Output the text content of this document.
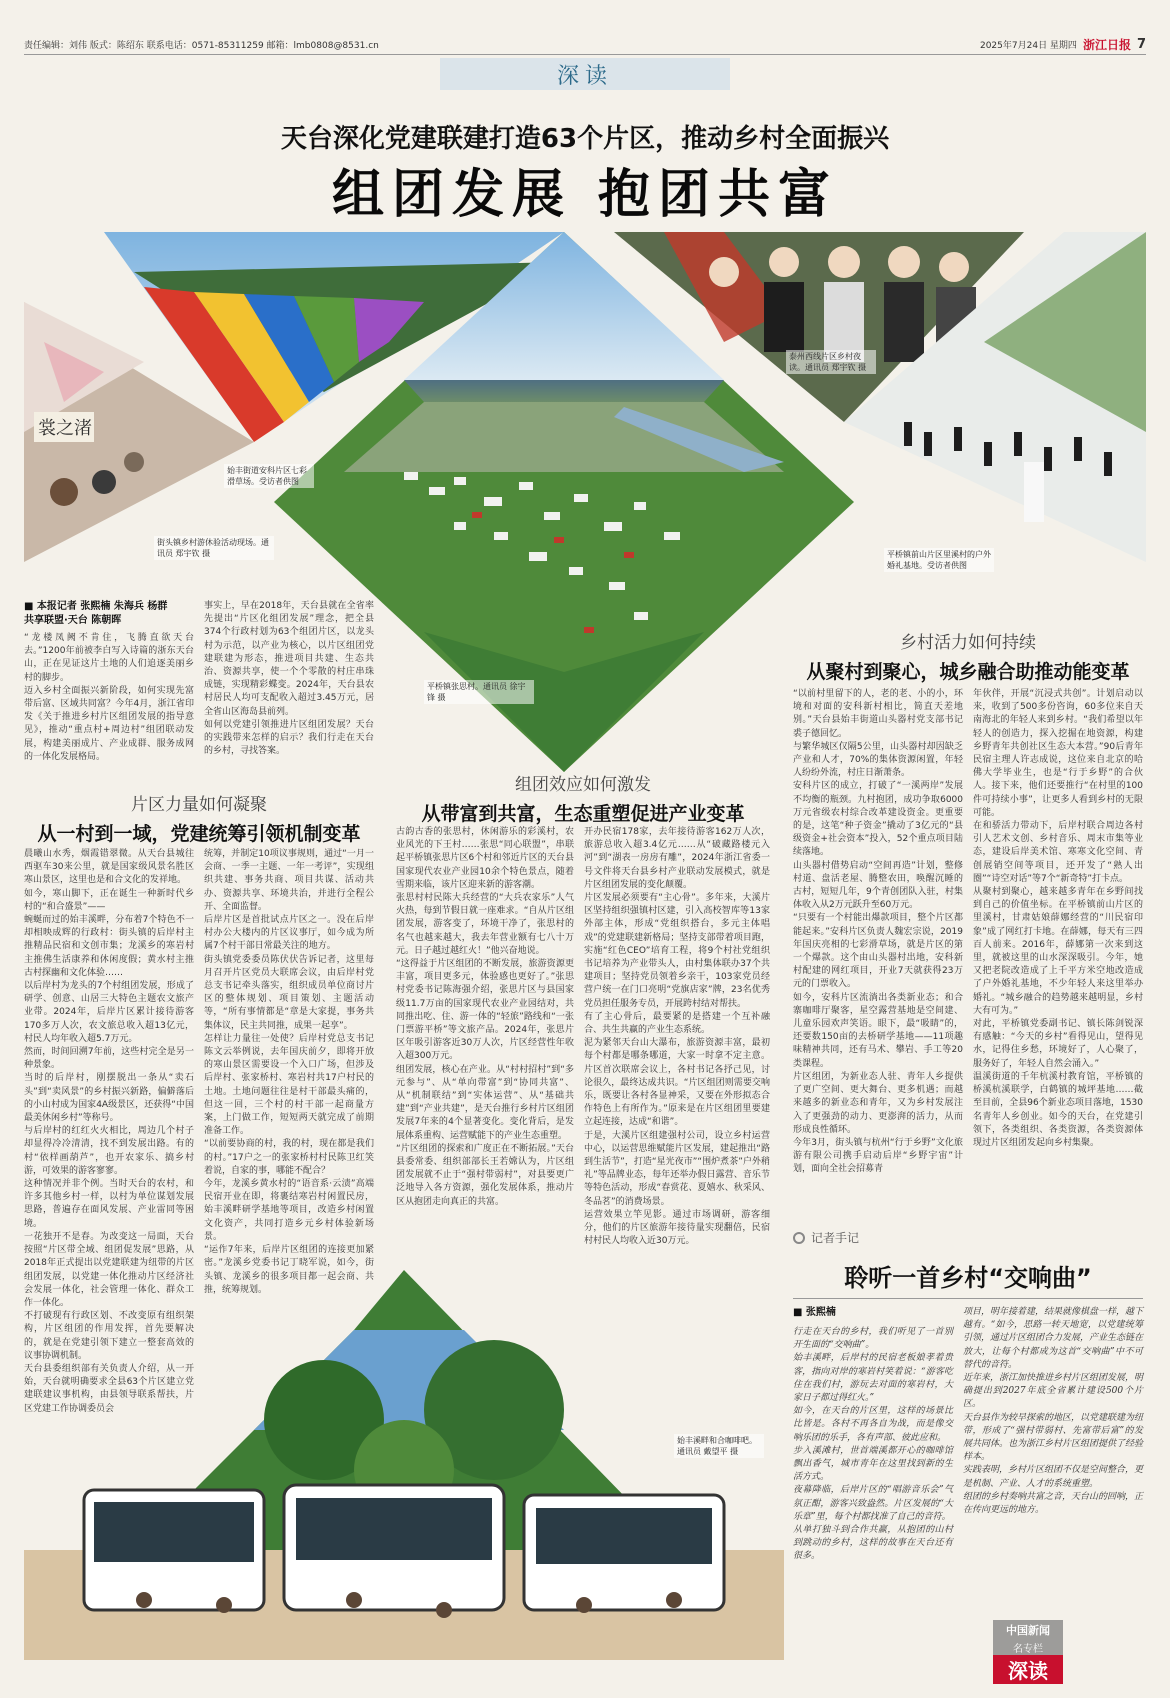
责任编辑：刘伟 版式：陈绍东 联系电话：0571-85311259 邮箱：lmb0808@8531.cn	2025年7月24日 星期四 浙江日报 7
深读
天台深化党建联建打造63个片区，推动乡村全面振兴
组团发展 抱团共富
裳之渚
始丰街道安科片区七彩滑草场。受访者供图
街头镇乡村游休验活动现场。通讯员 郑宇钦 摄
泰州西线片区乡村夜读。通讯员 郑宇钦 摄
平桥镇张思村。通讯员 徐宇锋 摄
平桥镇前山片区里溪村的户外婚礼基地。受访者供图
■ 本报记者 张熙楠 朱海兵 杨群
共享联盟·天台 陈朝晖
“龙楼凤阙不肯住，飞腾直欲天台去。”1200年前被李白写入诗篇的浙东天台山，正在见证这片土地的人们追逐美丽乡村的脚步。
迈入乡村全面振兴新阶段，如何实现先富带后富、区域共同富？今年4月，浙江省印发《关于推进乡村片区组团发展的指导意见》，推动“重点村+周边村”组团联动发展，构建美丽成片、产业成群、服务成网的一体化发展格局。
事实上，早在2018年，天台县就在全省率先提出“片区化组团发展”理念，把全县374个行政村划为63个组团片区，以龙头村为示范，以产业为核心，以片区组团党建联建为形态，推进项目共建、生态共治、资源共享，使一个个零散的村庄串珠成链，实现精彩蝶变。2024年，天台县农村居民人均可支配收入超过3.45万元，居全省山区海岛县前列。
如何以党建引领推进片区组团发展？天台的实践带来怎样的启示？我们行走在天台的乡村，寻找答案。
片区力量如何凝聚
从一村到一域，党建统筹引领机制变革
晨曦山水秀，烟霞错翠微。从天台县城往西驱车30来公里，就是国家级风景名胜区寒山景区，这里也是和合文化的发祥地。
如今，寒山脚下，正在诞生一种新时代乡村的“和合盛景”——
蜿蜒而过的始丰溪畔，分布着7个特色不一却相映成辉的行政村：街头镇的后岸村主推精品民宿和文创市集；龙溪乡的寒岩村主推佛生活康养和休闲度假；黄水村主推古村探幽和文化体验……
以后岸村为龙头的7个村组团发展，形成了研学、创意、山居三大特色主题农文旅产业带。2024年，后岸片区累计接待游客170多万人次，农文旅总收入超13亿元，村民人均年收入超5.7万元。
然而，时间回溯7年前，这些村完全是另一种景象。
当时的后岸村，刚摆脱出一条从“卖石头”到“卖风景”的乡村振兴新路，偏僻落后的小山村成为国家4A级景区，还获得“中国最美休闲乡村”等称号。
与后岸村的红红火火相比，周边几个村子却显得冷冷清清，找不到发展出路。有的村“依样画葫芦”，也开农家乐、搞乡村游，可效果的游客寥寥。
这种情况并非个例。当时天台的农村，和许多其他乡村一样，以村为单位谋划发展思路，普遍存在面风发展、产业雷同等困境。
一花独开不是春。为改变这一局面，天台按照“片区带全域、组团促发展”思路，从2018年正式提出以党建联建为纽带的片区组团发展，以党建一体化推动片区经济社会发展一体化，社会管理一体化、群众工作一体化。
不打破现有行政区划、不改变原有组织架构，片区组团的作用发挥，首先要解决的，就是在党建引领下建立一整套高效的议事协调机制。
天台县委组织部有关负责人介绍，从一开始，天台就明确要求全县63个片区建立党建联建议事机构，由县领导联系帮扶，片区党建工作协调委员会
统筹，并制定10项议事规则，通过“一月一会商、一季一主题、一年一考评”，实现组织共建、事务共商、项目共谋、活动共办、资源共享、环境共治，并进行全程公开、全面监督。
后岸片区是首批试点片区之一。没在后岸村办公大楼内的片区议事厅，如今成为所属7个村干部日常最关注的地方。
街头镇党委委员陈伏伏告诉记者，这里每月召开片区党员大联席会议，由后岸村党总支书记牵头落实，组织成员单位商讨片区的整体规划、项目策划、主题活动等，“所有事情都是“章是大家提，事务共集体议，民主共同推，成果一起享”。
怎样让力量往一处使？后岸村党总支书记陈文云举例说，去年国庆前夕，即将开放的寒山景区需要设一个入口广场，但涉及后岸村、张家桥村、寒岩村共17户村民的土地。土地问题往往是村干部最头痛的，但这一回，三个村的村干部一起商量方案，上门做工作，短短两天就完成了前期准备工作。
“以前要协商的村，我的村，现在都是我们的村。”17户之一的张家桥村村民陈卫红笑着说，自家的事，哪能不配合？
今年，龙溪乡黄水村的“语音系·云渍”高端民宿开业在即，将裹结寒岩村闲置民房，始丰溪畔研学基地等项目，改造乡村闲置文化资产，共同打造乡元乡村体验新场景。
“运作7年来，后岸片区组团的连接更加紧密。”龙溪乡党委书记丁晓军说，如今，街头镇、龙溪乡的很多项目都一起会商、共推，统筹规划。
组团效应如何激发
从带富到共富，生态重塑促进产业变革
古韵古香的张思村，休闲游乐的彩溪村，农业风光的下王村……张思“同心联盟”，串联起平桥镇张思片区6个村和邻近片区的天台县国家现代农业产业园10余个特色景点，随着雪期来临，该片区迎来新的游客潮。
张思村村民陈大兵经营的“大兵农家乐”人气火热，每到节假日就一座难求。“自从片区组团发展，游客变了，环境干净了，张思村的名气也越来越大，我去年营业额有七八十万元。日子越过越红火！”他兴奋地说。
“这得益于片区组团的不断发展，旅游资源更丰富，项目更多元，体验感也更好了。”张思村党委书记陈海强介绍，张思片区与县国家级11.7万亩的国家现代农业产业园结对，共同推出吃、住、游一体的“轻旅”路线和“一张门票游平桥”等文旅产品。2024年，张思片区年吸引游客近30万人次，片区经营性年收入超300万元。
组团发展，核心在产业。从“村村招村”到“多元参与”、从“单向带富”到“协同共富”、从“机制联结”到“实体运营”、从“基础共建”到“产业共建”，是天台推行乡村片区组团发展7年来的4个显著变化。变化背后，是发展体系重构、运营赋能下的产业生态重塑。
“片区组团的探索和广度正在不断拓展。”天台县委常委、组织部部长王若嫦认为，片区组团发展就不止于“强村带弱村”，对县要更广泛地导入各方资源，强化发展体系，推动片区从抱团走向真正的共富。
开办民宿178家，去年接待游客162万人次，旅游总收入超3.4亿元……从“破藏路楼元入河”到“湖表一房房有雕”，2024年浙江省委一号文件将天台县乡村产业联动发展模式，就是片区组团发展的变化颠覆。
片区发展必须要有“主心骨”。多年来，大溪片区坚持组织强镇村区建，引入高校智库等13家外部主体，形成“党组织搭台，多元主体唱戏”的党建联建新格局；坚持支部带着项目跑，实施“红色CEO”培育工程，将9个村社党组织书记培养为产业带头人，由村集体联办37个共建项目；坚持党员领着乡亲干，103家党员经营户统一在门口亮明“党旗店家”牌，23名优秀党员担任服务专员，开展跨村结对帮扶。
有了主心骨后，最要紧的是搭建一个互补融合、共生共赢的产业生态系统。
泥为紧邻天台山大瀑布，旅游资源丰富，最初每个村都是哪条哪道，大家一时拿不定主意。片区首次联席会议上，各村书记各抒己见，讨论很久，最终达成共识。“片区组团则需要交响乐，既要让各村各显神采，又要在外形拟态合作特色上有所作为。”原来是在片区组团里要建立起连接，达成“和谐”。
于是，大溪片区组建强村公司，设立乡村运营中心，以运营思维赋能片区发展，建起推出“路到生活节”，打造“星光夜市”“围炉煮茶”户外稍礼”等品牌业态，每年还举办假日露营、音乐节等特色活动，形成“春赏花、夏嬉水、秋采风、冬品茗”的消费场景。
运营效果立竿见影。通过市场调研，游客细分，他们的片区旅游年接待量实现翻倍，民宿村村民人均收入近30万元。
始丰溪畔和合咖啡吧。通讯员 戴望平 摄
乡村活力如何持续
从聚村到聚心，城乡融合助推动能变革
“以前村里留下的人，老的老、小的小，环境和对面的安科新村相比，简直天差地别。”天台县始丰街道山头器村党支部书记裘子德回忆。
与繁华城区仅隔5公里，山头器村却因缺乏产业和人才，70%的集体资源闲置，年轻人纷纷外流，村庄日渐萧条。
安科片区的成立，打破了“一溪两岸”发展不均衡的瓶颈。九村抱团，成功争取6000万元省级农村综合改革建设资金。更重要的是，这笔“种子资金”撬动了3亿元的“县级资金+社会资本”投入，52个重点项目陆续落地。
山头器村借势启动“空间再造”计划，整修村道、盘活老屋、腾整农田，唤醒沉睡的古村，短短几年，9个青创团队入驻，村集体收入从2万元跃升至60万元。
“只要有一个村能出爆款项目，整个片区都能起来。”安科片区负责人魏宏宗说，2019年国庆亮相的七彩滑草场，就是片区的第一个爆款。这个由山头器村出地，安科新村配建的网红项目，开业7天就获得23万元的门票收入。
如今，安科片区流淌出各类新业态；和合寨咖啡厅聚客，星空露营基地是空间建、儿童乐园欢声笑语。眼下，最“吸睛”的，还要数150亩的去桥研学基地——11项趣味精神共同，还有马术、攀岩、手工等20类课程。
片区组团，为新业态人驻、青年人乡提供了更广空间、更大舞台、更多机遇；而越来越多的新业态和青年，又为乡村发展注入了更强劲的动力、更澎湃的活力，从而形成良性循环。
今年3月，街头镇与杭州“行于乡野”文化旅游有限公司携手启动后岸“乡野宇宙”计划，面向全社会招募青
年伙伴，开展“沉浸式共创”。计划启动以来，收到了500多份咨询，60多位来自天南海北的年轻人来到乡村。“我们希望以年轻人的创造力，探入挖掘在地资源，构建乡野青年共创社区生态大本营。”90后青年民宿主理人许志成说，这位来自北京的哈佛大学毕业生，也是“行于乡野”的合伙人。接下来，他们还要推行“在村里的100件可持续小事”，让更多人看到乡村的无限可能。
在和骄活力带动下，后岸村联合周边各村引人艺术文创、乡村音乐、周末市集等业态，建设后岸美术馆、寒寒文化空间、青创展销空间等项目，还开发了“熟人出圈”“诗空对话”等7个“新奇特”打卡点。
从聚村到聚心，越来越多青年在乡野间找到自己的价值坐标。在平桥镇前山片区的里溪村，甘肃姑娘薛娜经营的“川民宿印象”成了网红打卡地。在薛娜，每天有三四百人前来。2016年，薛娜第一次来到这里，就被这里的山水深深吸引。今年，她又把老院改造成了上千平方米空地改造成了户外婚礼基地，不少年轻人来这里举办婚礼。“城乡融合的趋势越来越明显，乡村大有可为。”
对此，平桥镇党委副书记、镇长陈剑锐深有感触：“今天的乡村”看得见山，望得见水，记得住乡愁，环境好了，人心聚了，服务好了，年轻人自然会涌入。”
温溪街道的千年杭溪村教育馆，平桥镇的桥溪杭溪联学，白鹤镇的城坪基地……截至目前，全县96个新业态项目落地，1530名青年人乡创业。如今的天台，在党建引领下，各类组织、各类资源，各类资源体现过片区组团发起向乡村集聚。
记者手记
聆听一首乡村“交响曲”
■ 张熙楠
行走在天台的乡村，我们听见了一首别开生面的“交响曲”。
始丰溪畔，后岸村的民宿老板娘孝着贵客，指向对岸的寒岩村笑着说：“游客吃住在我们村，游玩去对面的寒岩村，大家日子都过得红火。”
如今，在天台的片区里，这样的场景比比皆是。各村不再各自为战，而是像交响乐团的乐手，各有声部、彼此应和。
步入溪滩村，世首端溪都开心的咖啡馆飘出香气，城市青年在这里找到新的生活方式。
夜幕降临，后岸片区的“唱游音乐会”气氛正酣，游客兴致盎然。片区发展的“大乐章”里，每个村都找准了自己的音符。
从单打独斗到合作共赢，从抱团的山村到跳动的乡村，这样的故事在天台还有很多。
项目，明年接着建，结果就像棋盘一样，越下越有。“如今，思路一转天地宽，以党建统筹引领，通过片区组团合力发展，产业生态链在放大，让每个村都成为这首“交响曲”中不可替代的音符。
近年来，浙江加快推进乡村片区组团发展，明确提出到2027年底全省累计建设500个片区。
天台县作为较早探索的地区，以党建联建为纽带，形成了“强村带弱村、先富带后富”的发展共同体。也为浙江乡村片区组团提供了经验样本。
实践表明，乡村片区组团不仅是空间整合，更是机制、产业、人才的系统重塑。
组团的乡村奏响共富之音，天台山的回响，正在传向更远的地方。
中国新闻
名专栏
深读
